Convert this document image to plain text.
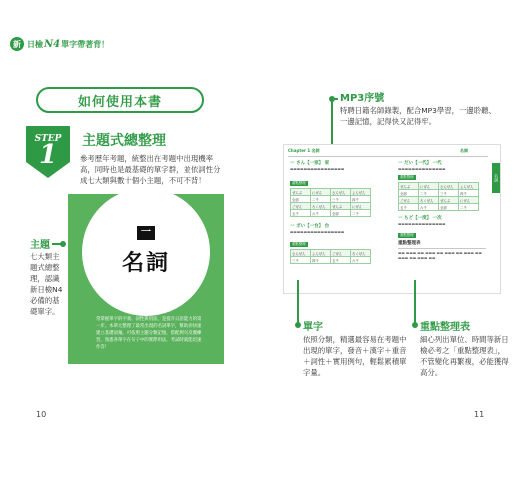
新 日檢 N4 單字帶著背！
如何使用本書
STEP
1	主題式總整理
參考歷年考題，統整出在考題中出現機率高，同時也是最基礎的單字群，並依詞性分成七大類與數十個小主題，不可不背！
一
名詞
常掌握單字的字義、詞性與用法，是提升日語能力的第一步。本單元整理了最常出現的名詞單字，幫助你快速建立基礎詞彙。可依照主題分類記憶，搭配例句反覆練習，熟悉各單字在句子中的實際用法，考試時就能迅速作答！
主題
七大類主題式總整理，認識新日檢N4必備的基礎單字。
10	11
MP3序號
特聘日籍名師錄製，配合MP3學習，一邊聆聽、一邊記憶，記得快又記得牢。
Chapter 1 名詞	名詞
名詞
一 さん【一家】 家
▬▬▬▬▬▬▬▬▬▬▬▬▬▬▬▬
重點整理
ぜんぶ	にぜん	さんぜん	よんぜん
全部	二千	三千	四千
ごぜん	ろくぜん	ぜんぶ	にぜん
五千	六千	全部	二千
一 ボい【一台】 台
▬▬▬▬▬▬▬▬▬▬▬▬▬▬▬▬
重點整理
さんぜん	よんぜん	ごぜん	ろくぜん
三千	四千	五千	六千
一 だい【一代】 一代
▬▬▬▬▬▬▬▬▬▬▬▬▬▬
重點整理
ぜんぶ	にぜん	さんぜん	よんぜん
全部	二千	三千	四千
ごぜん	ろくぜん	ぜんぶ	にぜん
五千	六千	全部	二千
一 ちど【一度】 一次
▬▬▬▬▬▬▬▬▬▬▬▬▬▬
重點整理
重點整理表
▬▬ ▬▬▬ ▬▬ ▬▬▬ ▬▬ ▬▬▬ ▬▬ ▬▬▬ ▬▬ ▬▬▬ ▬▬ ▬▬▬ ▬▬
單字
依照分類，精選最容易在考題中出現的單字，發音＋漢字＋重音＋詞性＋實用例句，輕鬆累積單字量。
重點整理表
細心列出單位、時間等新日檢必考之「重點整理表」，不管變化再繁複，必能獲得高分。
